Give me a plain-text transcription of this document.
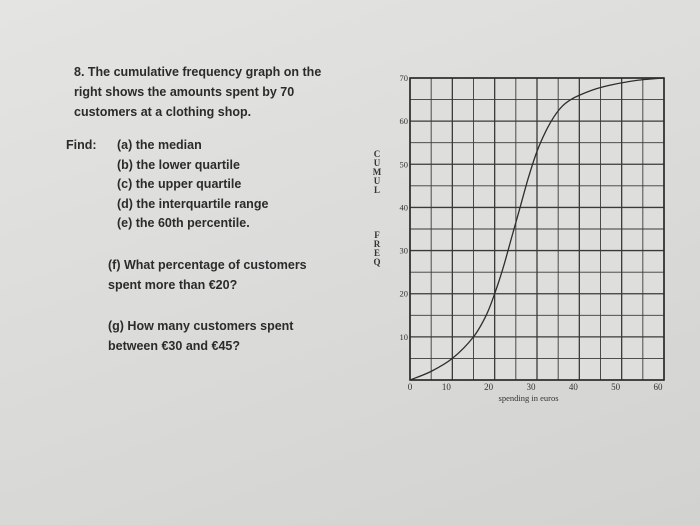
8. The cumulative frequency graph on the
right shows the amounts spent by 70
customers at a clothing shop.
Find: (a) the median
(b) the lower quartile
(c) the upper quartile
(d) the interquartile range
(e) the 60th percentile.
(f) What percentage of customers
spent more than €20?
(g) How many customers spent
between €30 and €45?
C
U
M
U
L
F
R
E
Q
0	10	20	30	40	50	60
10
20
30
40
50
60
70
spending in euros
